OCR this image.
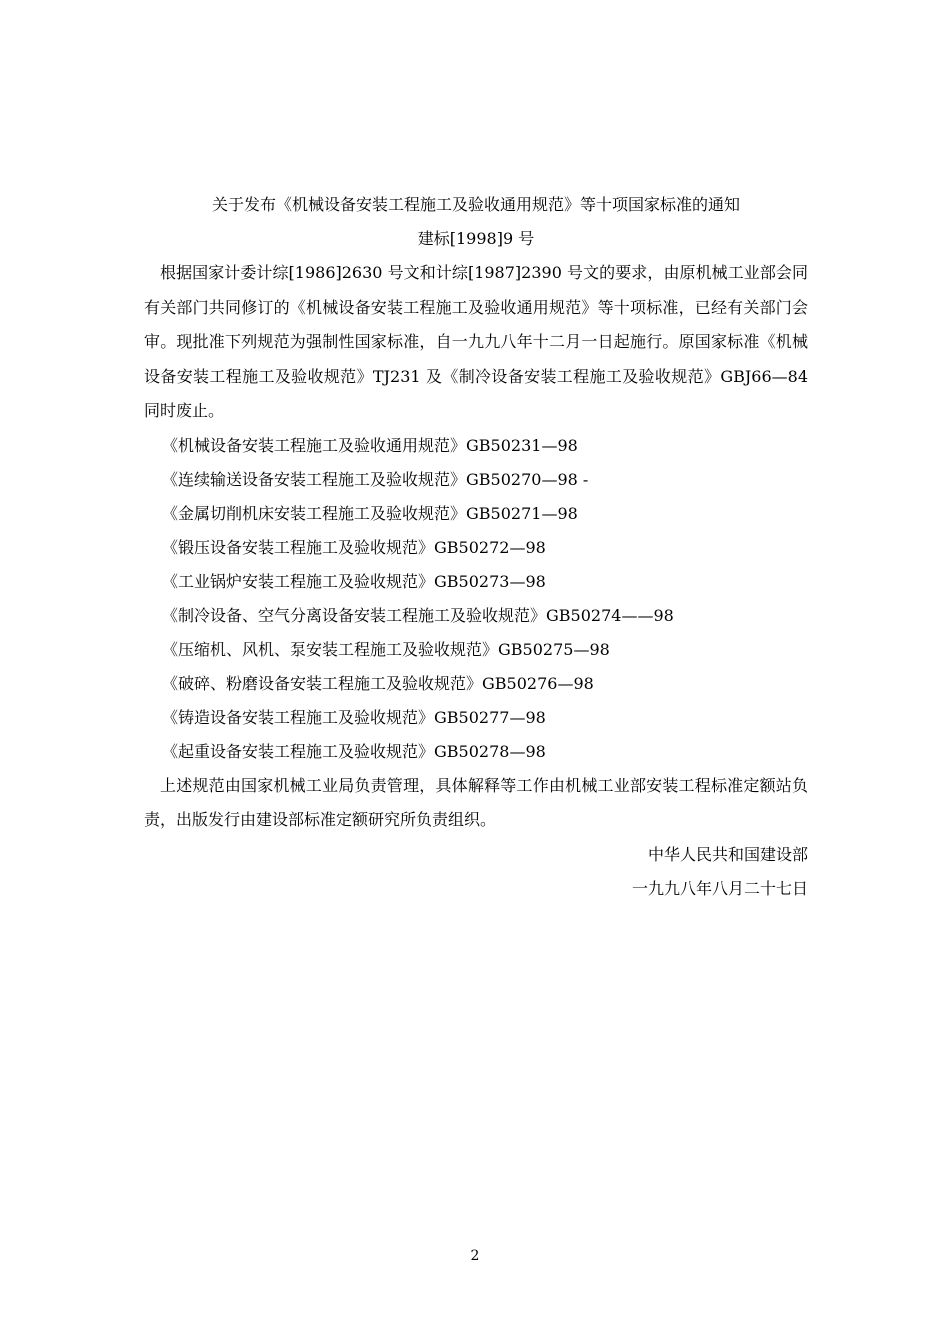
关于发布《机械设备安装工程施工及验收通用规范》等十项国家标准的通知

建标[1998]9 号

根据国家计委计综[1986]2630 号文和计综[1987]2390 号文的要求，由原机械工业部会同有关部门共同修订的《机械设备安装工程施工及验收通用规范》等十项标准，已经有关部门会审。现批准下列规范为强制性国家标准，自一九九八年十二月一日起施行。原国家标准《机械设备安装工程施工及验收规范》TJ231 及《制冷设备安装工程施工及验收规范》GBJ66—84 同时废止。

《机械设备安装工程施工及验收通用规范》GB50231—98
《连续输送设备安装工程施工及验收规范》GB50270—98 -
《金属切削机床安装工程施工及验收规范》GB50271—98
《锻压设备安装工程施工及验收规范》GB50272—98
《工业锅炉安装工程施工及验收规范》GB50273—98
《制冷设备、空气分离设备安装工程施工及验收规范》GB50274——98
《压缩机、风机、泵安装工程施工及验收规范》GB50275—98
《破碎、粉磨设备安装工程施工及验收规范》GB50276—98
《铸造设备安装工程施工及验收规范》GB50277—98
《起重设备安装工程施工及验收规范》GB50278—98

上述规范由国家机械工业局负责管理，具体解释等工作由机械工业部安装工程标准定额站负责，出版发行由建设部标准定额研究所负责组织。

中华人民共和国建设部

一九九八年八月二十七日

2
